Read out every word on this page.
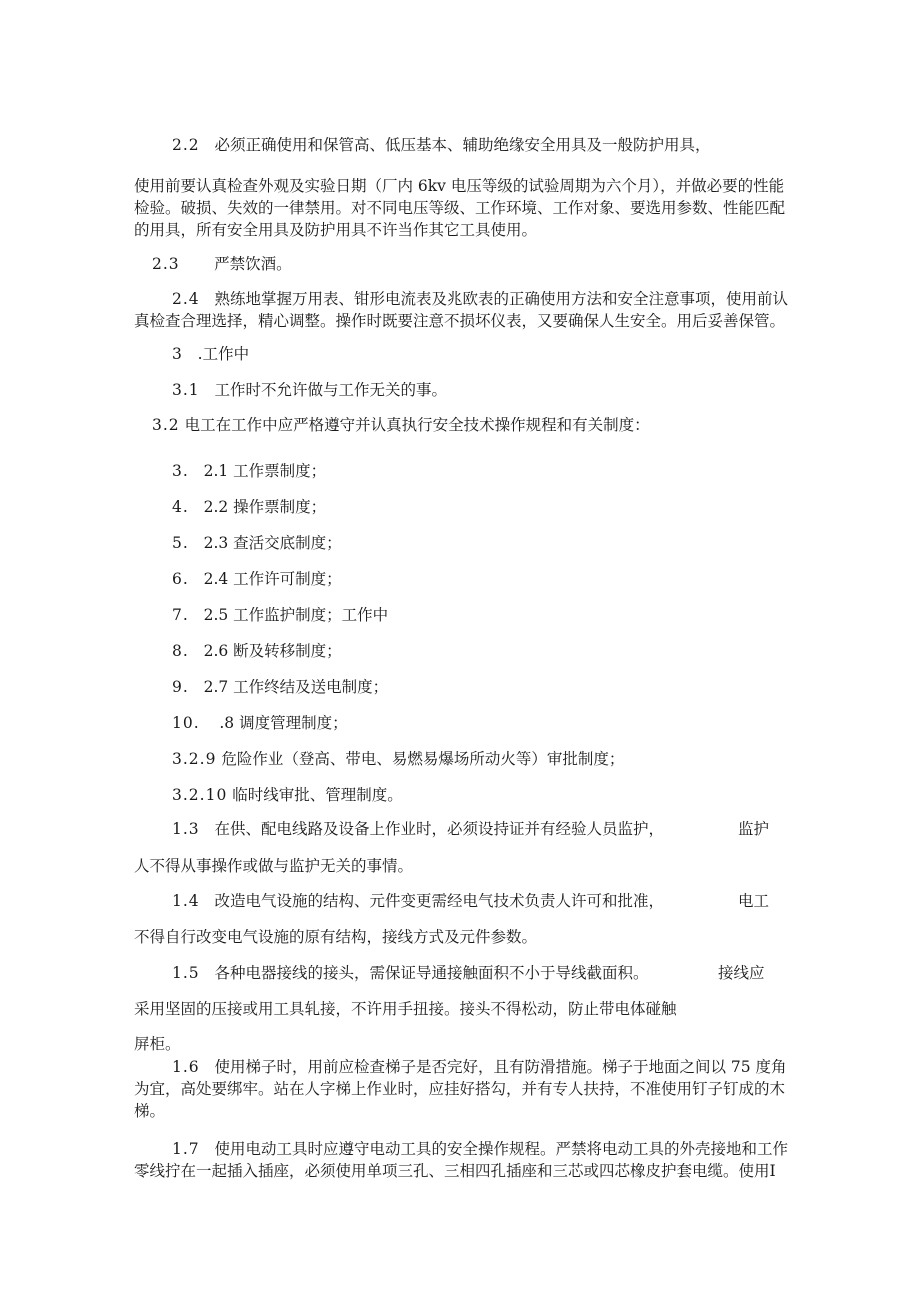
2.2 必须正确使用和保管高、低压基本、辅助绝缘安全用具及一般防护用具，
使用前要认真检查外观及实验日期（厂内 6kv 电压等级的试验周期为六个月），并做必要的性能
检验。破损、失效的一律禁用。对不同电压等级、工作环境、工作对象、要选用参数、性能匹配
的用具，所有安全用具及防护用具不许当作其它工具使用。
2.3 严禁饮酒。
2.4 熟练地掌握万用表、钳形电流表及兆欧表的正确使用方法和安全注意事项，使用前认
真检查合理选择，精心调整。操作时既要注意不损坏仪表，又要确保人生安全。用后妥善保管。
3 .工作中
3.1 工作时不允许做与工作无关的事。
3.2 电工在工作中应严格遵守并认真执行安全技术操作规程和有关制度：
3. 2.1 工作票制度；
4. 2.2 操作票制度；
5. 2.3 查活交底制度；
6. 2.4 工作许可制度；
7. 2.5 工作监护制度；工作中
8. 2.6 断及转移制度；
9. 2.7 工作终结及送电制度；
10. .8 调度管理制度；
3.2.9 危险作业（登高、带电、易燃易爆场所动火等）审批制度；
3.2.10 临时线审批、管理制度。
1.3 在供、配电线路及设备上作业时，必须设持证并有经验人员监护，	监护
人不得从事操作或做与监护无关的事情。
1.4 改造电气设施的结构、元件变更需经电气技术负责人许可和批准，	电工
不得自行改变电气设施的原有结构，接线方式及元件参数。
1.5 各种电器接线的接头，需保证导通接触面积不小于导线截面积。	接线应
采用坚固的压接或用工具轧接，不许用手扭接。接头不得松动，防止带电体碰触
屏柜。
1.6 使用梯子时，用前应检查梯子是否完好，且有防滑措施。梯子于地面之间以 75 度角
为宜，高处要绑牢。站在人字梯上作业时，应挂好搭勾，并有专人扶持，不准使用钉子钉成的木
梯。
1.7 使用电动工具时应遵守电动工具的安全操作规程。严禁将电动工具的外壳接地和工作
零线拧在一起插入插座，必须使用单项三孔、三相四孔插座和三芯或四芯橡皮护套电缆。使用Ⅰ
